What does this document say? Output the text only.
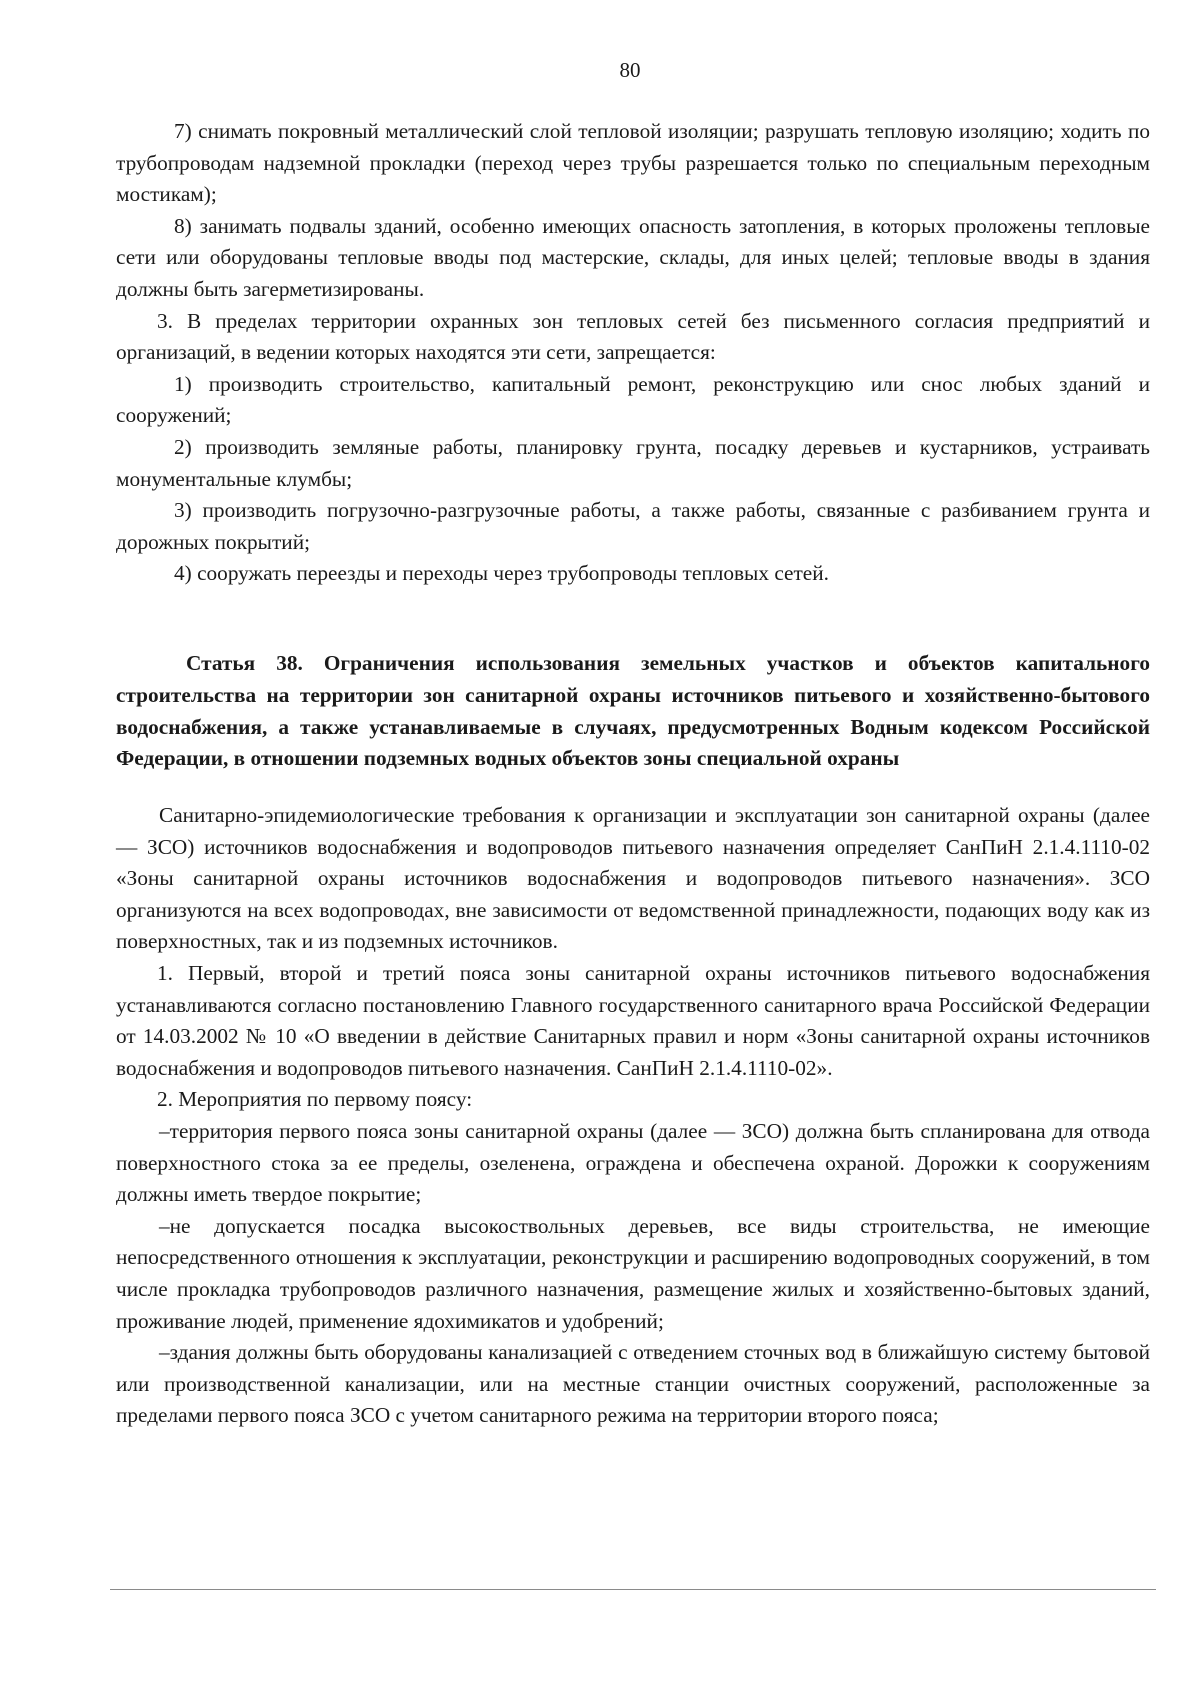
80

7) снимать покровный металлический слой тепловой изоляции; разрушать тепловую изоляцию; ходить по трубопроводам надземной прокладки (переход через трубы разрешается только по специальным переходным мостикам);

8) занимать подвалы зданий, особенно имеющих опасность затопления, в которых проложены тепловые сети или оборудованы тепловые вводы под мастерские, склады, для иных целей; тепловые вводы в здания должны быть загерметизированы.

3. В пределах территории охранных зон тепловых сетей без письменного согласия предприятий и организаций, в ведении которых находятся эти сети, запрещается:

1) производить строительство, капитальный ремонт, реконструкцию или снос любых зданий и сооружений;

2) производить земляные работы, планировку грунта, посадку деревьев и кустарников, устраивать монументальные клумбы;

3) производить погрузочно-разгрузочные работы, а также работы, связанные с разбиванием грунта и дорожных покрытий;

4) сооружать переезды и переходы через трубопроводы тепловых сетей.

Статья 38. Ограничения использования земельных участков и объектов капитального строительства на территории зон санитарной охраны источников питьевого и хозяйственно-бытового водоснабжения, а также устанавливаемые в случаях, предусмотренных Водным кодексом Российской Федерации, в отношении подземных водных объектов зоны специальной охраны

Санитарно-эпидемиологические требования к организации и эксплуатации зон санитарной охраны (далее — ЗСО) источников водоснабжения и водопроводов питьевого назначения определяет СанПиН 2.1.4.1110-02 «Зоны санитарной охраны источников водоснабжения и водопроводов питьевого назначения». ЗСО организуются на всех водопроводах, вне зависимости от ведомственной принадлежности, подающих воду как из поверхностных, так и из подземных источников.

1. Первый, второй и третий пояса зоны санитарной охраны источников питьевого водоснабжения устанавливаются согласно постановлению Главного государственного санитарного врача Российской Федерации от 14.03.2002 № 10 «О введении в действие Санитарных правил и норм «Зоны санитарной охраны источников водоснабжения и водопроводов питьевого назначения. СанПиН 2.1.4.1110-02».

2. Мероприятия по первому поясу:

–территория первого пояса зоны санитарной охраны (далее — ЗСО) должна быть спланирована для отвода поверхностного стока за ее пределы, озеленена, ограждена и обеспечена охраной. Дорожки к сооружениям должны иметь твердое покрытие;

–не допускается посадка высокоствольных деревьев, все виды строительства, не имеющие непосредственного отношения к эксплуатации, реконструкции и расширению водопроводных сооружений, в том числе прокладка трубопроводов различного назначения, размещение жилых и хозяйственно-бытовых зданий, проживание людей, применение ядохимикатов и удобрений;

–здания должны быть оборудованы канализацией с отведением сточных вод в ближайшую систему бытовой или производственной канализации, или на местные станции очистных сооружений, расположенные за пределами первого пояса ЗСО с учетом санитарного режима на территории второго пояса;
